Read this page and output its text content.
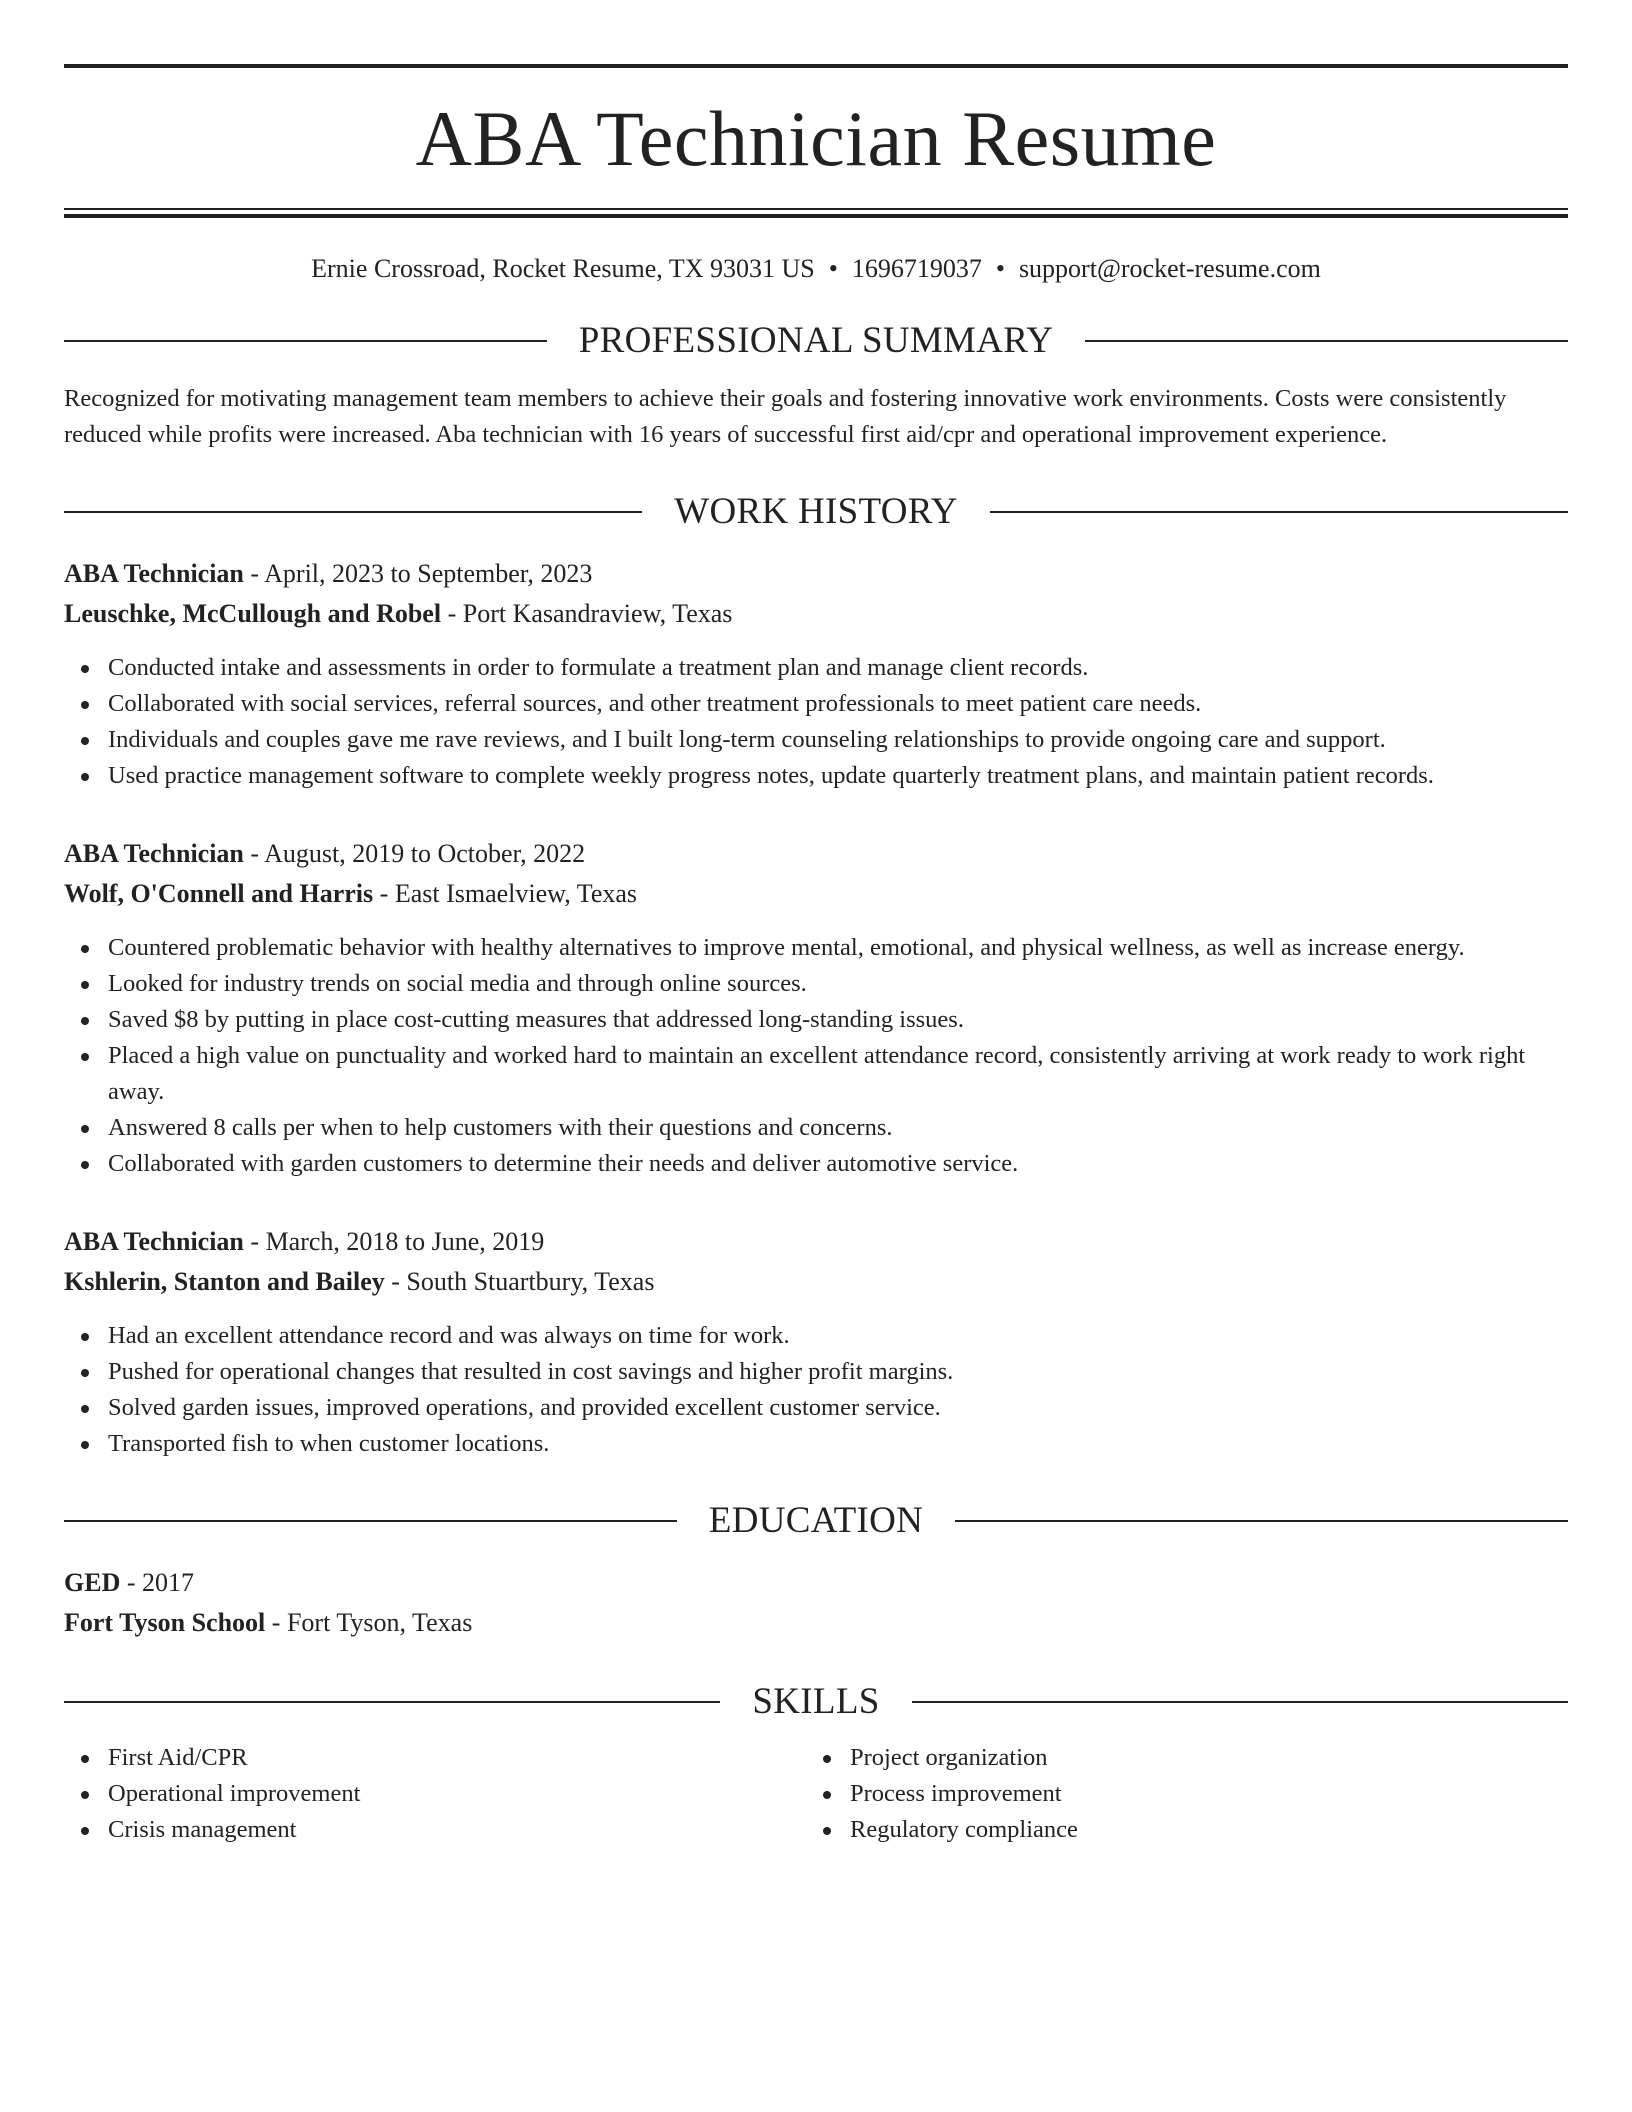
ABA Technician Resume
Ernie Crossroad, Rocket Resume, TX 93031 US • 1696719037 • support@rocket-resume.com
PROFESSIONAL SUMMARY
Recognized for motivating management team members to achieve their goals and fostering innovative work environments. Costs were consistently reduced while profits were increased. Aba technician with 16 years of successful first aid/cpr and operational improvement experience.
WORK HISTORY
ABA Technician - April, 2023 to September, 2023
Leuschke, McCullough and Robel - Port Kasandraview, Texas
Conducted intake and assessments in order to formulate a treatment plan and manage client records.
Collaborated with social services, referral sources, and other treatment professionals to meet patient care needs.
Individuals and couples gave me rave reviews, and I built long-term counseling relationships to provide ongoing care and support.
Used practice management software to complete weekly progress notes, update quarterly treatment plans, and maintain patient records.
ABA Technician - August, 2019 to October, 2022
Wolf, O'Connell and Harris - East Ismaelview, Texas
Countered problematic behavior with healthy alternatives to improve mental, emotional, and physical wellness, as well as increase energy.
Looked for industry trends on social media and through online sources.
Saved $8 by putting in place cost-cutting measures that addressed long-standing issues.
Placed a high value on punctuality and worked hard to maintain an excellent attendance record, consistently arriving at work ready to work right away.
Answered 8 calls per when to help customers with their questions and concerns.
Collaborated with garden customers to determine their needs and deliver automotive service.
ABA Technician - March, 2018 to June, 2019
Kshlerin, Stanton and Bailey - South Stuartbury, Texas
Had an excellent attendance record and was always on time for work.
Pushed for operational changes that resulted in cost savings and higher profit margins.
Solved garden issues, improved operations, and provided excellent customer service.
Transported fish to when customer locations.
EDUCATION
GED - 2017
Fort Tyson School - Fort Tyson, Texas
SKILLS
First Aid/CPR
Operational improvement
Crisis management
Project organization
Process improvement
Regulatory compliance
